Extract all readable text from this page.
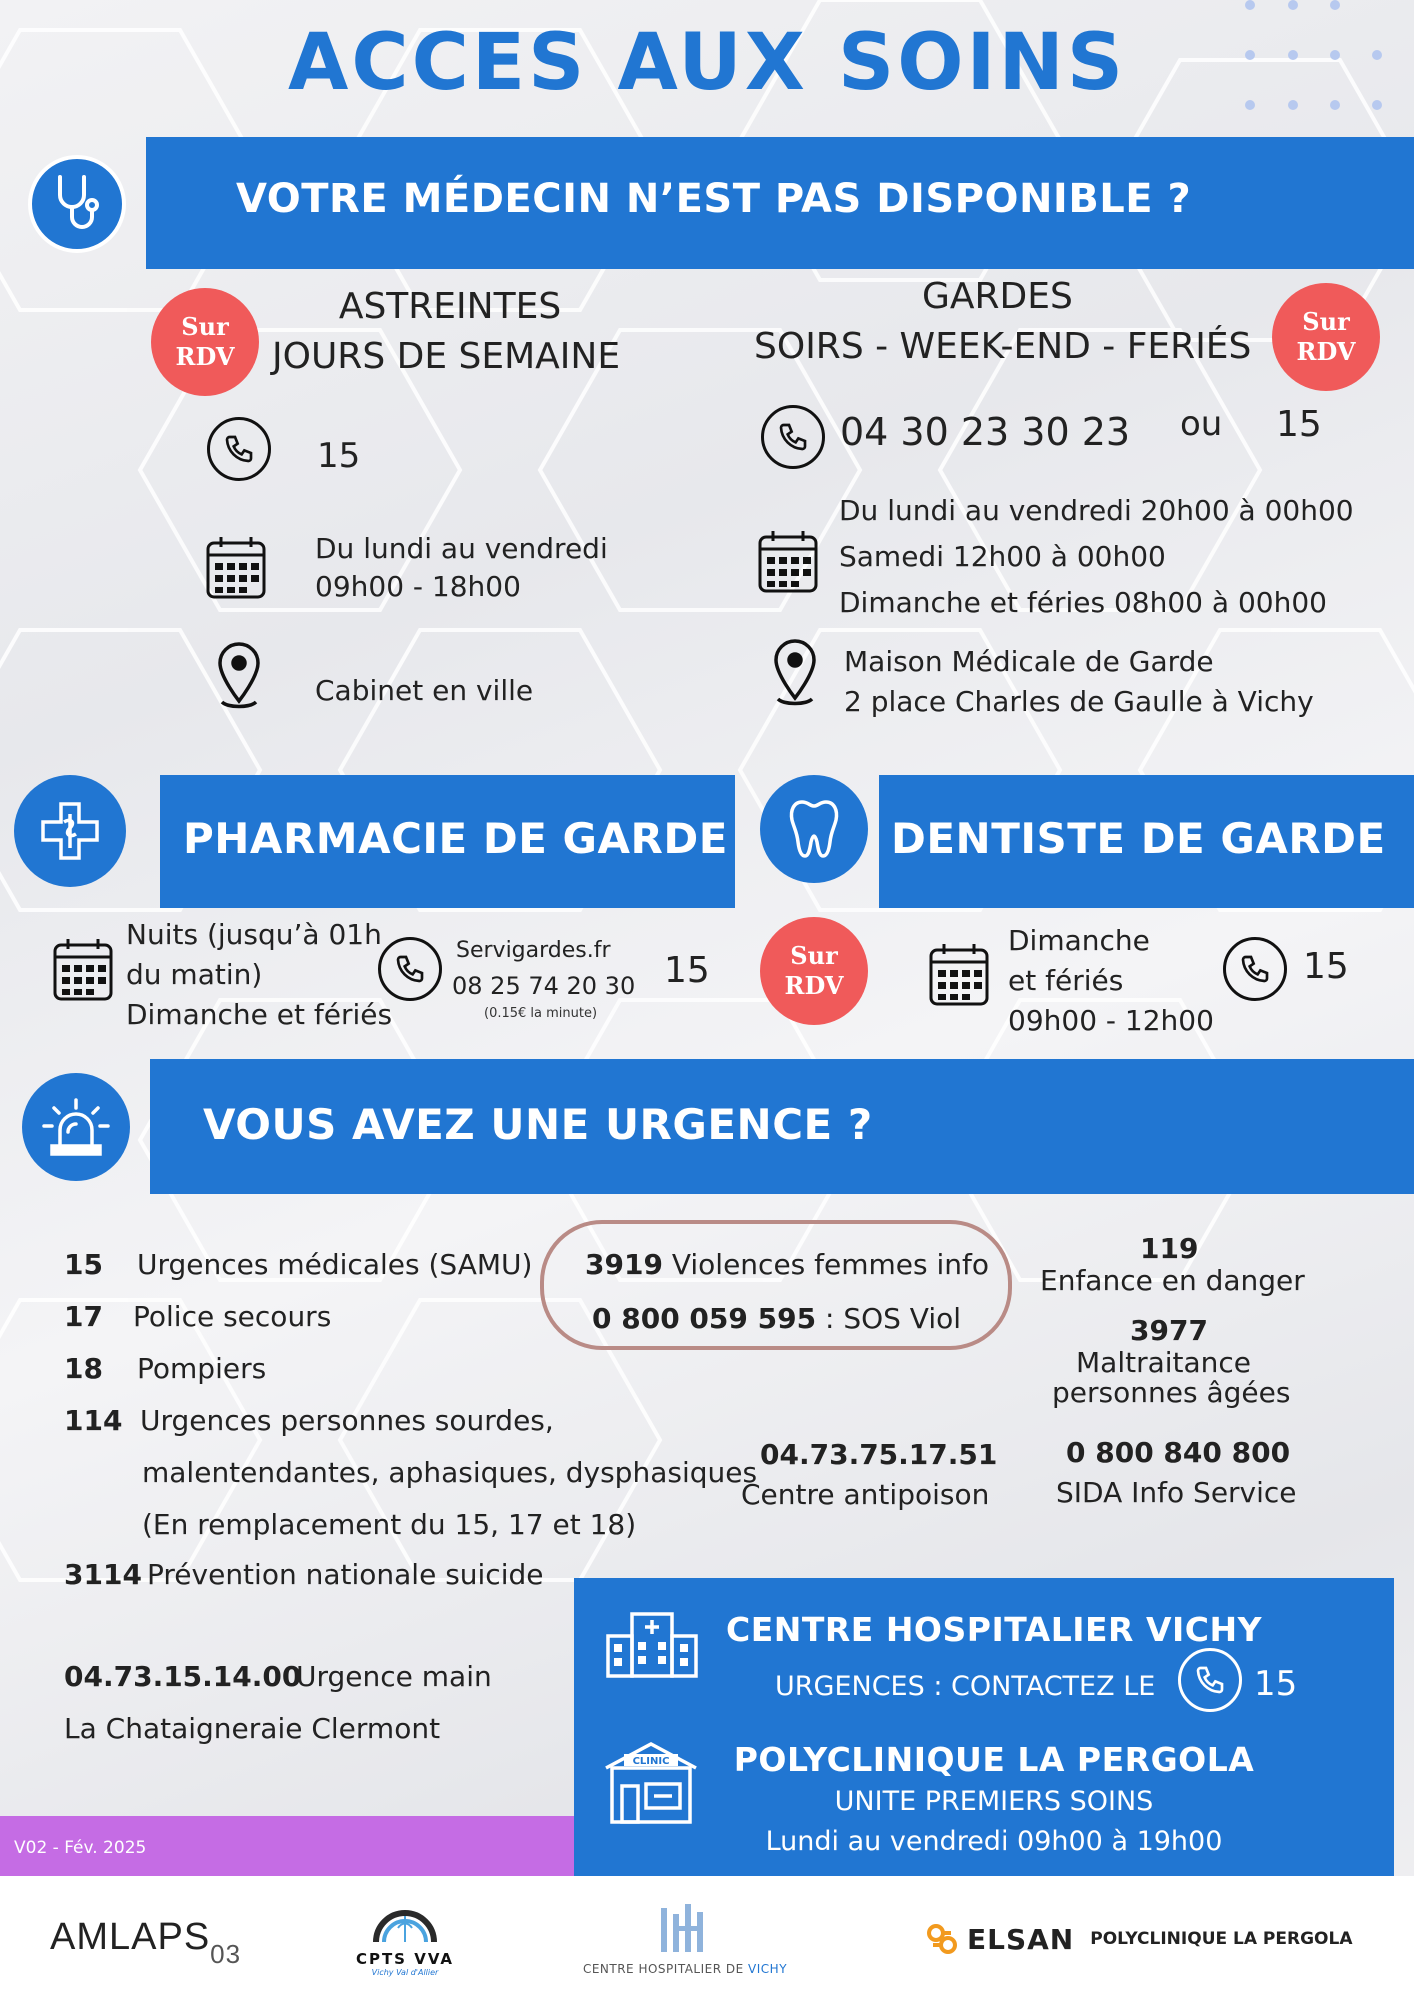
ACCES AUX SOINS
VOTRE MÉDECIN N’EST PAS DISPONIBLE ?
Sur
RDV
ASTREINTES
JOURS DE SEMAINE
15
Du lundi au vendredi
09h00 - 18h00
Cabinet en ville
GARDES
SOIRS - WEEK-END - FERIÉS
Sur
RDV
04 30 23 30 23 ou 15
Du lundi au vendredi 20h00 à 00h00
Samedi 12h00 à 00h00
Dimanche et féries 08h00 à 00h00
Maison Médicale de Garde
2 place Charles de Gaulle à Vichy
PHARMACIE DE GARDE	DENTISTE DE GARDE
Nuits (jusqu’à 01h
du matin)
Dimanche et fériés
Servigardes.fr
08 25 74 20 30
(0.15€ la minute)
15	Sur
RDV
Dimanche
et fériés
09h00 - 12h00
15
VOUS AVEZ UNE URGENCE ?
15 Urgences médicales (SAMU)
17 Police secours
18 Pompiers
114 Urgences personnes sourdes,
malentendantes, aphasiques, dysphasiques
(En remplacement du 15, 17 et 18)
3114 Prévention nationale suicide
3919 Violences femmes info
0 800 059 595 : SOS Viol
119
Enfance en danger
3977
Maltraitance
personnes âgées
04.73.75.17.51
Centre antipoison
0 800 840 800
SIDA Info Service
04.73.15.14.00
Urgence main
La Chataigneraie Clermont
CENTRE HOSPITALIER VICHY
URGENCES : CONTACTEZ LE	15
CLINIC	POLYCLINIQUE LA PERGOLA
UNITE PREMIERS SOINS
Lundi au vendredi 09h00 à 19h00
V02 - Fév. 2025
$AMLAPS_{03}$	CPTS VVA
Vichy Val d'Allier	CENTRE HOSPITALIER DE VICHY
ELSAN POLYCLINIQUE LA PERGOLA
